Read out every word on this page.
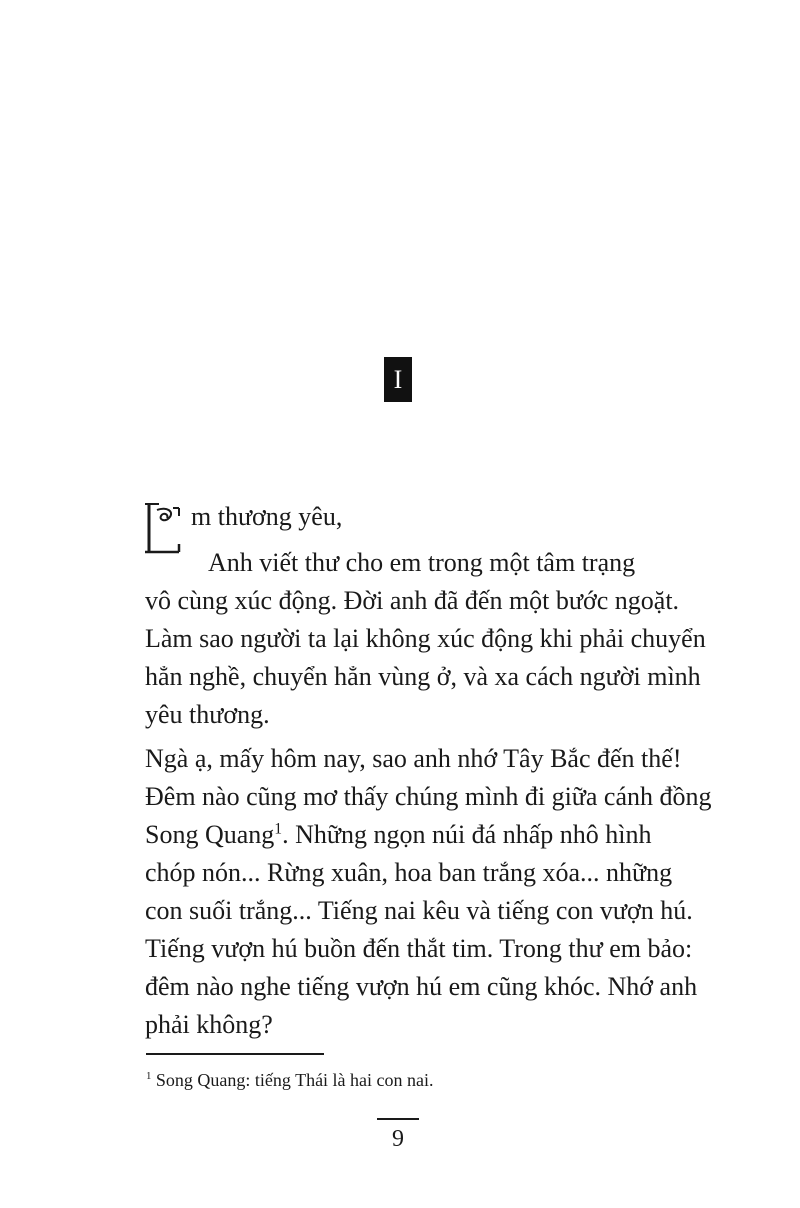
I
E
m thương yêu,
Anh viết thư cho em trong một tâm trạng
vô cùng xúc động. Đời anh đã đến một bước ngoặt.
Làm sao người ta lại không xúc động khi phải chuyển
hẳn nghề, chuyển hẳn vùng ở, và xa cách người mình
yêu thương.
Ngà ạ, mấy hôm nay, sao anh nhớ Tây Bắc đến thế!
Đêm nào cũng mơ thấy chúng mình đi giữa cánh đồng
Song Quang$^1$. Những ngọn núi đá nhấp nhô hình
chóp nón... Rừng xuân, hoa ban trắng xóa... những
con suối trắng... Tiếng nai kêu và tiếng con vượn hú.
Tiếng vượn hú buồn đến thắt tim. Trong thư em bảo:
đêm nào nghe tiếng vượn hú em cũng khóc. Nhớ anh
phải không?
$^1$ Song Quang: tiếng Thái là hai con nai.
9
